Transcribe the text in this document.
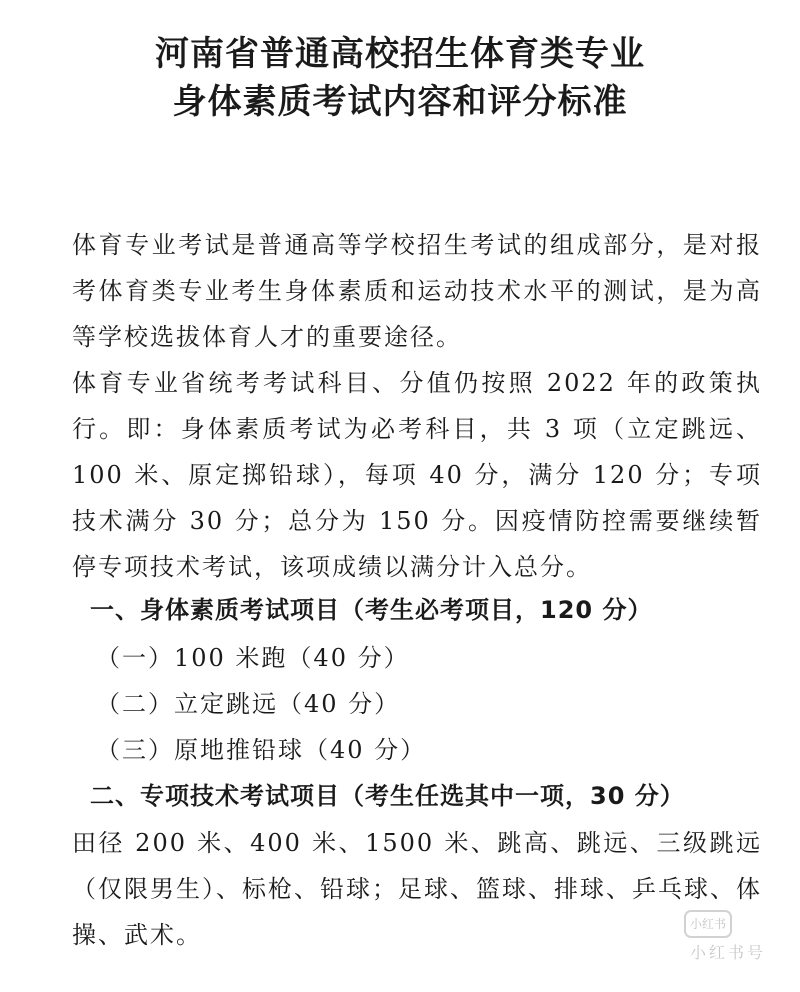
河南省普通高校招生体育类专业
身体素质考试内容和评分标准
体育专业考试是普通高等学校招生考试的组成部分，是对报考体育类专业考生身体素质和运动技术水平的测试，是为高等学校选拔体育人才的重要途径。
体育专业省统考考试科目、分值仍按照 2022 年的政策执行。即：身体素质考试为必考科目，共 3 项（立定跳远、100 米、原定掷铅球），每项 40 分，满分 120 分；专项技术满分 30 分；总分为 150 分。因疫情防控需要继续暂停专项技术考试，该项成绩以满分计入总分。
一、身体素质考试项目（考生必考项目，120 分）
（一）100 米跑（40 分）
（二）立定跳远（40 分）
（三）原地推铅球（40 分）
二、专项技术考试项目（考生任选其中一项，30 分）
田径 200 米、400 米、1500 米、跳高、跳远、三级跳远（仅限男生）、标枪、铅球；足球、篮球、排球、乒乓球、体操、武术。	小红书
小红书号
